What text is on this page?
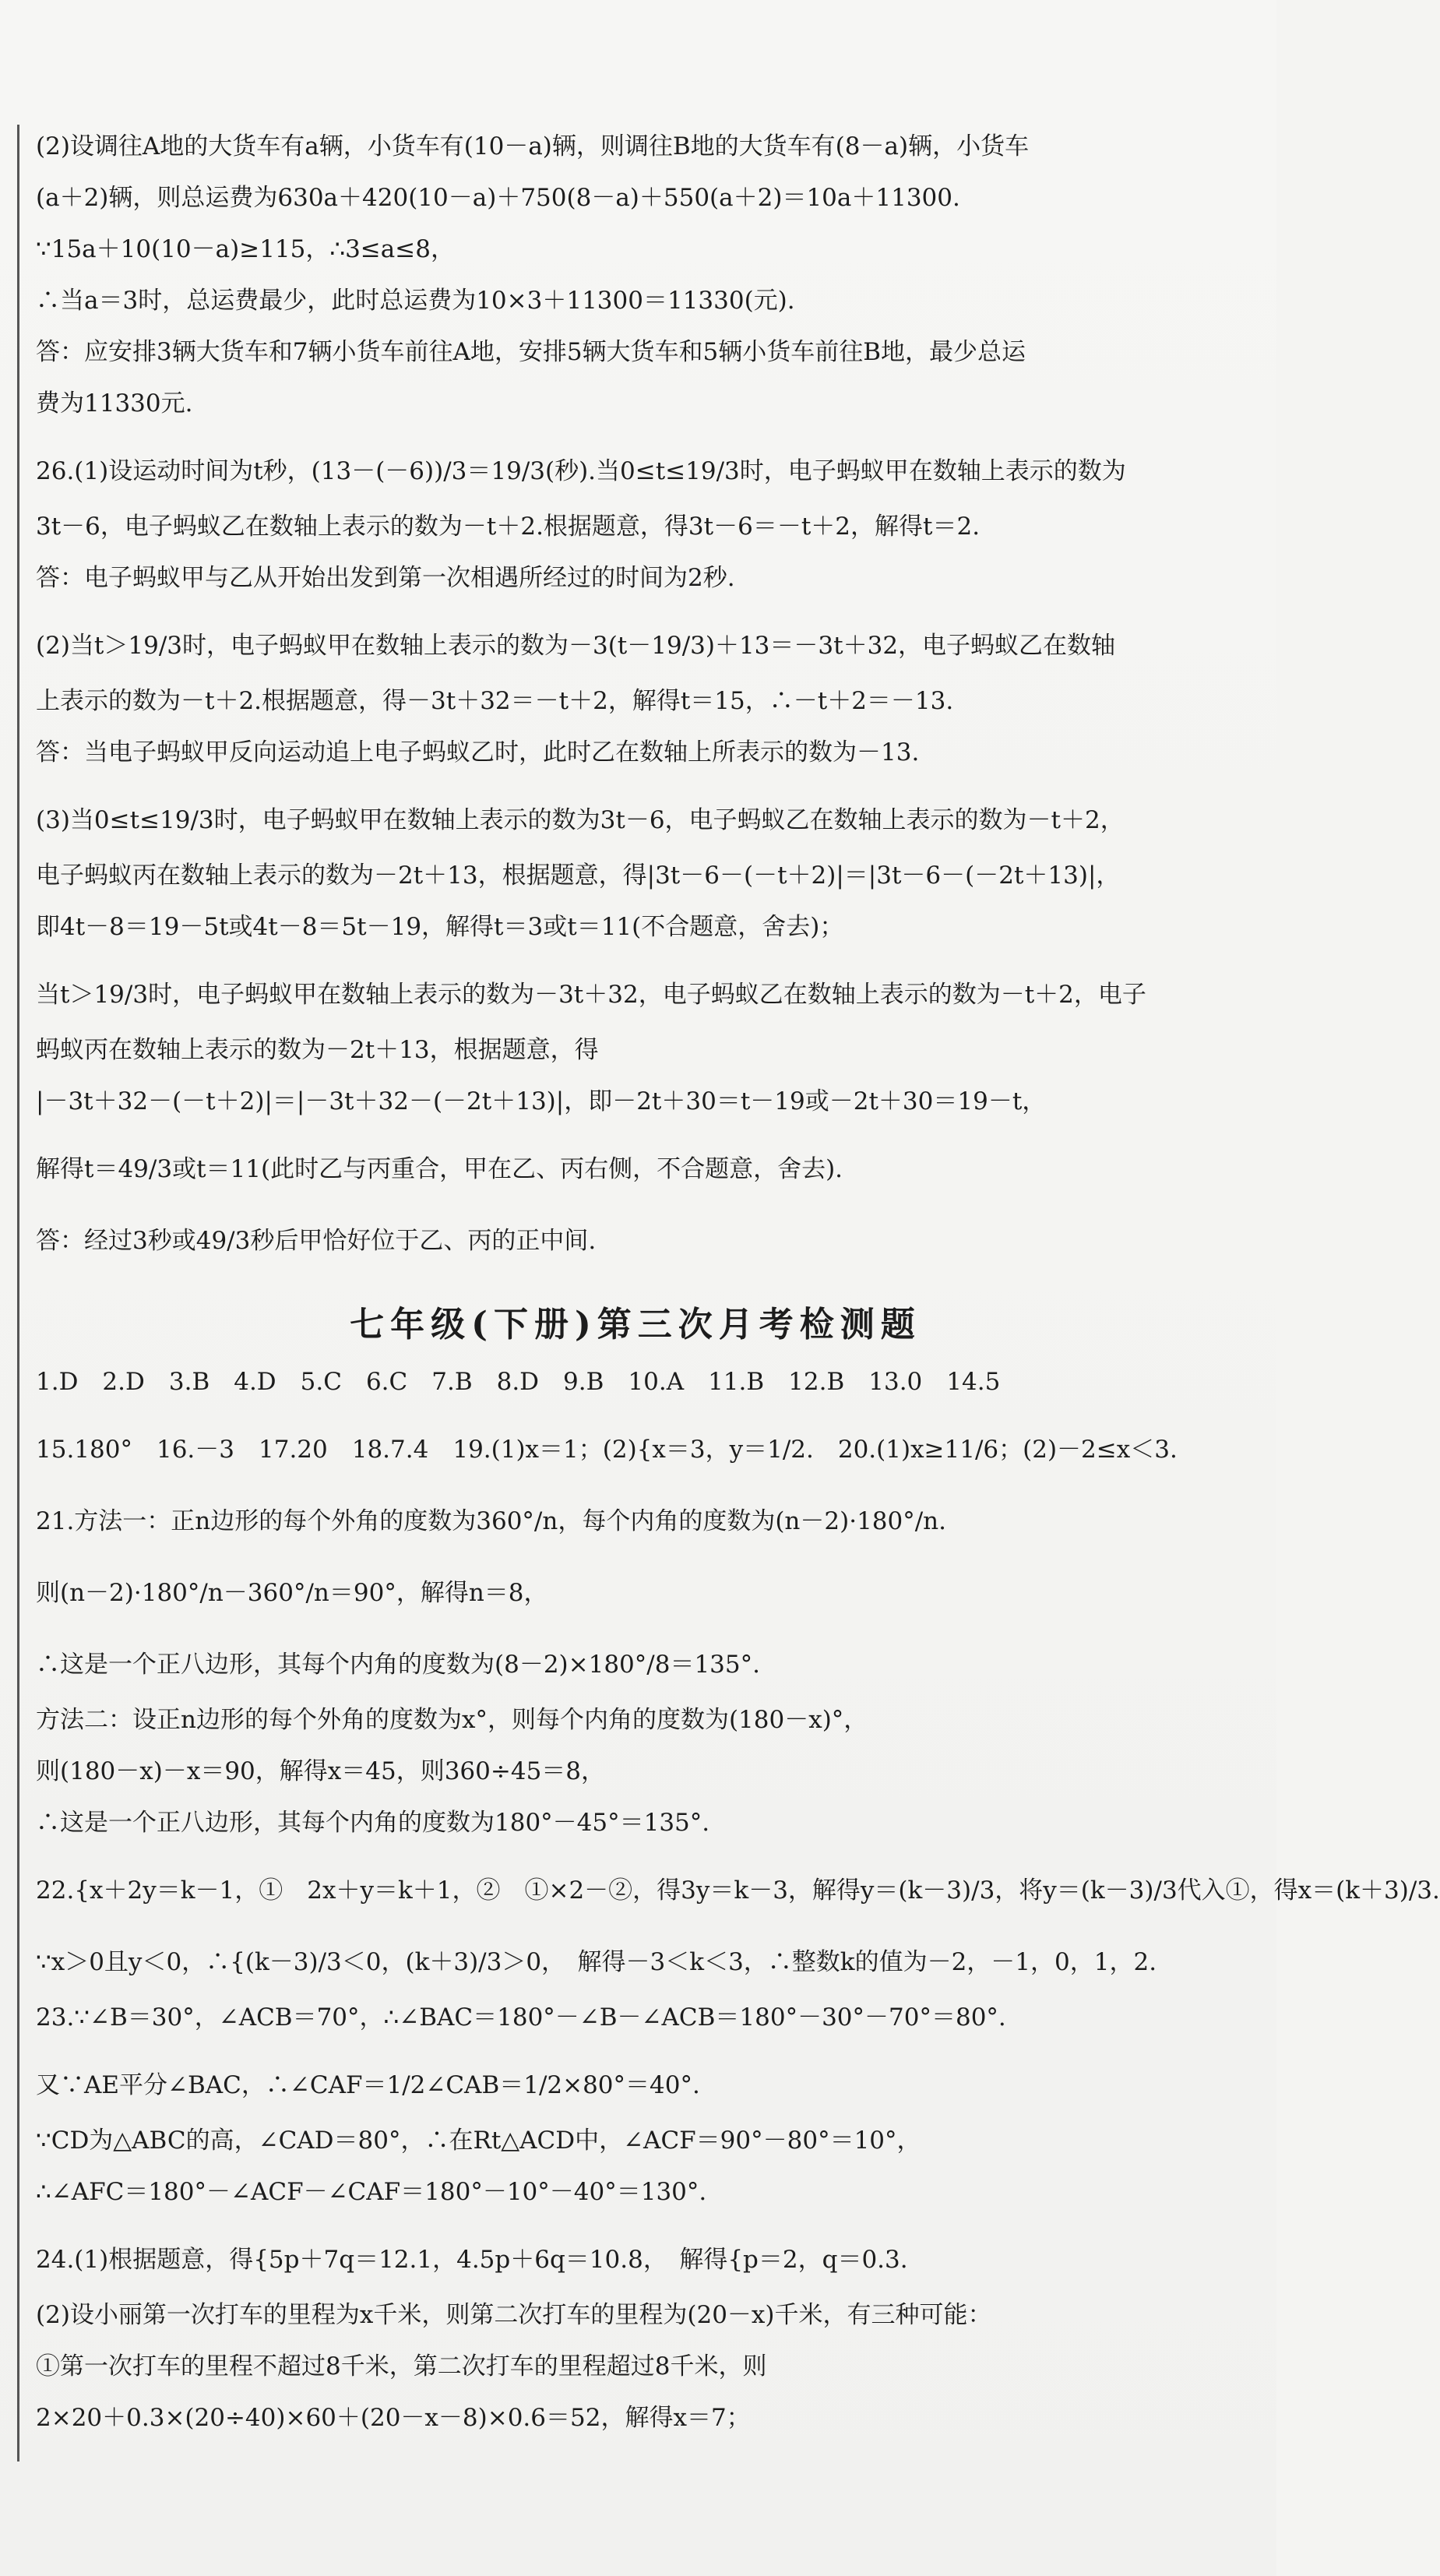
(2)设调往A地的大货车有a辆，小货车有(10－a)辆，则调往B地的大货车有(8－a)辆，小货车
(a＋2)辆，则总运费为630a＋420(10－a)＋750(8－a)＋550(a＋2)＝10a＋11300.
∵15a＋10(10－a)≥115，∴3≤a≤8，
∴当a＝3时，总运费最少，此时总运费为10×3＋11300＝11330(元).
答：应安排3辆大货车和7辆小货车前往A地，安排5辆大货车和5辆小货车前往B地，最少总运
费为11330元.
26.(1)设运动时间为t秒，(13－(－6))/3＝19/3(秒).当0≤t≤19/3时，电子蚂蚁甲在数轴上表示的数为
3t－6，电子蚂蚁乙在数轴上表示的数为－t＋2.根据题意，得3t－6＝－t＋2，解得t＝2.
答：电子蚂蚁甲与乙从开始出发到第一次相遇所经过的时间为2秒.
(2)当t＞19/3时，电子蚂蚁甲在数轴上表示的数为－3(t－19/3)＋13＝－3t＋32，电子蚂蚁乙在数轴
上表示的数为－t＋2.根据题意，得－3t＋32＝－t＋2，解得t＝15，∴－t＋2＝－13.
答：当电子蚂蚁甲反向运动追上电子蚂蚁乙时，此时乙在数轴上所表示的数为－13.
(3)当0≤t≤19/3时，电子蚂蚁甲在数轴上表示的数为3t－6，电子蚂蚁乙在数轴上表示的数为－t＋2，
电子蚂蚁丙在数轴上表示的数为－2t＋13，根据题意，得|3t－6－(－t＋2)|＝|3t－6－(－2t＋13)|，
即4t－8＝19－5t或4t－8＝5t－19，解得t＝3或t＝11(不合题意，舍去)；
当t＞19/3时，电子蚂蚁甲在数轴上表示的数为－3t＋32，电子蚂蚁乙在数轴上表示的数为－t＋2，电子
蚂蚁丙在数轴上表示的数为－2t＋13，根据题意，得
|－3t＋32－(－t＋2)|＝|－3t＋32－(－2t＋13)|，即－2t＋30＝t－19或－2t＋30＝19－t，
解得t＝49/3或t＝11(此时乙与丙重合，甲在乙、丙右侧，不合题意，舍去).
答：经过3秒或49/3秒后甲恰好位于乙、丙的正中间.
七年级(下册)第三次月考检测题
1.D　2.D　3.B　4.D　5.C　6.C　7.B　8.D　9.B　10.A　11.B　12.B　13.0　14.5
15.180°　16.－3　17.20　18.7.4　19.(1)x＝1；(2){x＝3，y＝1/2.　20.(1)x≥11/6；(2)－2≤x＜3.
21.方法一：正n边形的每个外角的度数为360°/n，每个内角的度数为(n－2)·180°/n.
则(n－2)·180°/n－360°/n＝90°，解得n＝8，
∴这是一个正八边形，其每个内角的度数为(8－2)×180°/8＝135°.
方法二：设正n边形的每个外角的度数为x°，则每个内角的度数为(180－x)°，
则(180－x)－x＝90，解得x＝45，则360÷45＝8，
∴这是一个正八边形，其每个内角的度数为180°－45°＝135°.
22.{x＋2y＝k－1，①　2x＋y＝k＋1，②　①×2－②，得3y＝k－3，解得y＝(k－3)/3，将y＝(k－3)/3代入①，得x＝(k＋3)/3.
∵x＞0且y＜0，∴{(k－3)/3＜0，(k＋3)/3＞0，　解得－3＜k＜3，∴整数k的值为－2，－1，0，1，2.
23.∵∠B＝30°，∠ACB＝70°，∴∠BAC＝180°－∠B－∠ACB＝180°－30°－70°＝80°.
又∵AE平分∠BAC，∴∠CAF＝1/2∠CAB＝1/2×80°＝40°.
∵CD为△ABC的高，∠CAD＝80°，∴在Rt△ACD中，∠ACF＝90°－80°＝10°，
∴∠AFC＝180°－∠ACF－∠CAF＝180°－10°－40°＝130°.
24.(1)根据题意，得{5p＋7q＝12.1，4.5p＋6q＝10.8，　解得{p＝2，q＝0.3.
(2)设小丽第一次打车的里程为x千米，则第二次打车的里程为(20－x)千米，有三种可能：
①第一次打车的里程不超过8千米，第二次打车的里程超过8千米，则
2×20＋0.3×(20÷40)×60＋(20－x－8)×0.6＝52，解得x＝7；
